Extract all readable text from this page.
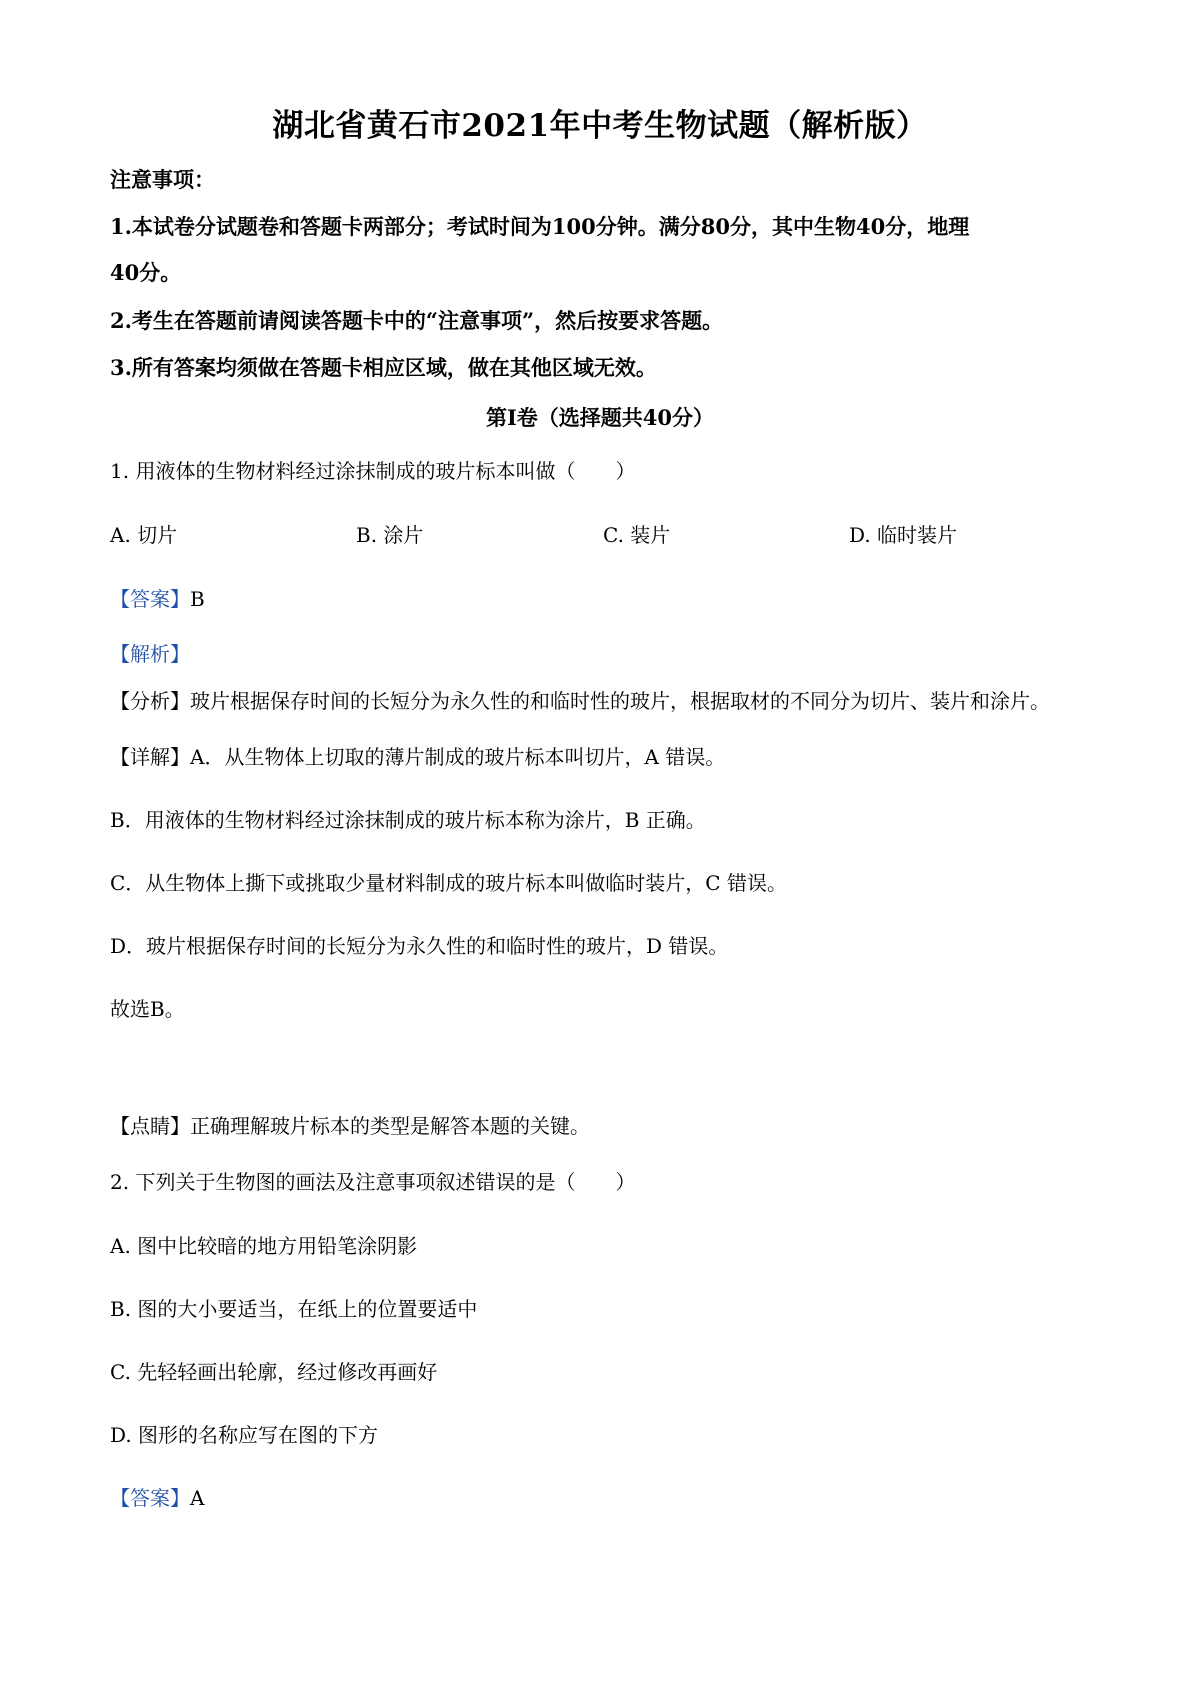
湖北省黄石市2021年中考生物试题（解析版）
注意事项：
1.本试卷分试题卷和答题卡两部分；考试时间为100分钟。满分80分，其中生物40分，地理
40分。
2.考生在答题前请阅读答题卡中的“注意事项”，然后按要求答题。
3.所有答案均须做在答题卡相应区域，做在其他区域无效。
第Ⅰ卷（选择题共40分）
1. 用液体的生物材料经过涂抹制成的玻片标本叫做（　　）
A. 切片	B. 涂片	C. 装片	D. 临时装片
【答案】B
【解析】
【分析】玻片根据保存时间的长短分为永久性的和临时性的玻片，根据取材的不同分为切片、装片和涂片。
【详解】A．从生物体上切取的薄片制成的玻片标本叫切片，A 错误。
B．用液体的生物材料经过涂抹制成的玻片标本称为涂片，B 正确。
C．从生物体上撕下或挑取少量材料制成的玻片标本叫做临时装片，C 错误。
D．玻片根据保存时间的长短分为永久性的和临时性的玻片，D 错误。
故选B。
【点睛】正确理解玻片标本的类型是解答本题的关键。
2. 下列关于生物图的画法及注意事项叙述错误的是（　　）
A. 图中比较暗的地方用铅笔涂阴影
B. 图的大小要适当，在纸上的位置要适中
C. 先轻轻画出轮廓，经过修改再画好
D. 图形的名称应写在图的下方
【答案】A
